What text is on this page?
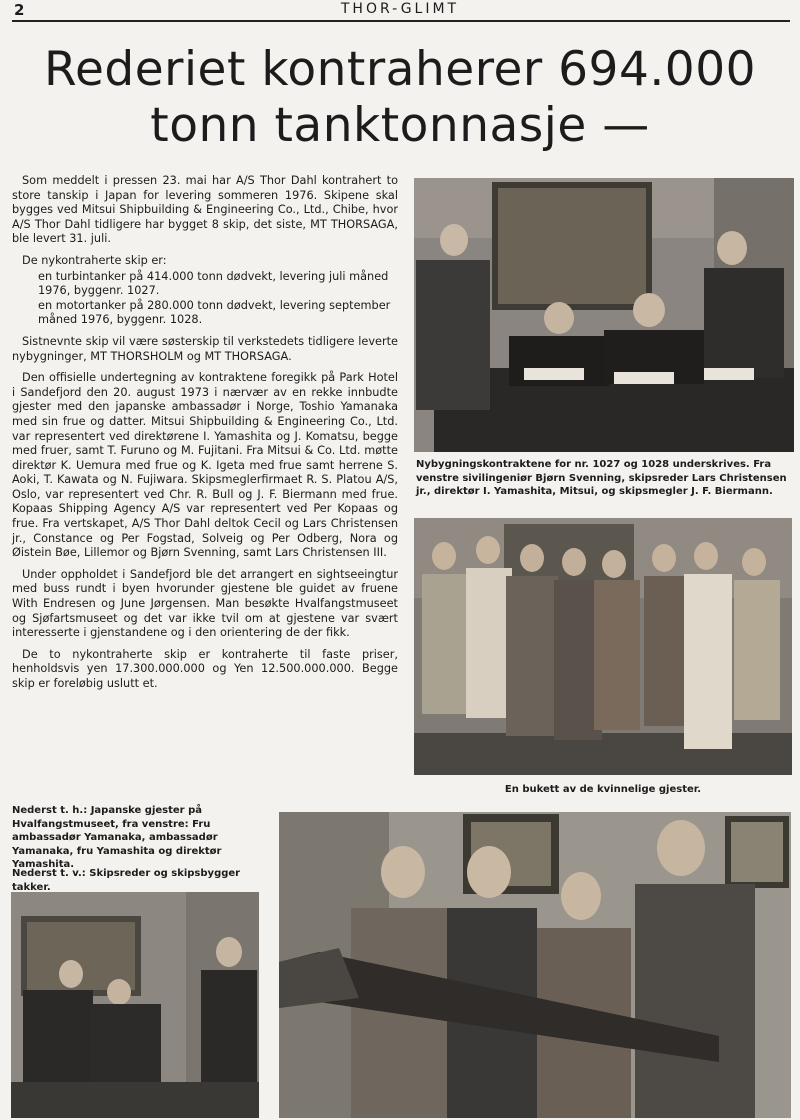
2	THOR-GLIMT
Rederiet kontraherer 694.000
tonn tanktonnasje —

Som meddelt i pressen 23. mai har A/S Thor Dahl kontrahert to store tanskip i Japan for levering sommeren 1976. Skipene skal bygges ved Mitsui Shipbuilding & Engineering Co., Ltd., Chibe, hvor A/S Thor Dahl tidligere har bygget 8 skip, det siste, MT THORSAGA, ble levert 31. juli.

De nykontraherte skip er:

en turbintanker på 414.000 tonn dødvekt, levering juli måned 1976, byggenr. 1027.
en motortanker på 280.000 tonn dødvekt, levering september måned 1976, byggenr. 1028.

Sistnevnte skip vil være søsterskip til verkstedets tidligere leverte nybygninger, MT THORSHOLM og MT THORSAGA.

Den offisielle undertegning av kontraktene foregikk på Park Hotel i Sandefjord den 20. august 1973 i nærvær av en rekke innbudte gjester med den japanske ambassadør i Norge, Toshio Yamanaka med sin frue og datter. Mitsui Shipbuilding & Engineering Co., Ltd. var representert ved direktørene I. Yamashita og J. Komatsu, begge med fruer, samt T. Furuno og M. Fujitani. Fra Mitsui & Co. Ltd. møtte direktør K. Uemura med frue og K. Igeta med frue samt herrene S. Aoki, T. Kawata og N. Fujiwara. Skipsmeglerfirmaet R. S. Platou A/S, Oslo, var representert ved Chr. R. Bull og J. F. Biermann med frue. Kopaas Shipping Agency A/S var representert ved Per Kopaas og frue. Fra vertskapet, A/S Thor Dahl deltok Cecil og Lars Christensen jr., Constance og Per Fogstad, Solveig og Per Odberg, Nora og Øistein Bøe, Lillemor og Bjørn Svenning, samt Lars Christensen III.

Under oppholdet i Sandefjord ble det arrangert en sightseeingtur med buss rundt i byen hvorunder gjestene ble guidet av fruene With Endresen og June Jørgensen. Man besøkte Hvalfangstmuseet og Sjøfartsmuseet og det var ikke tvil om at gjestene var svært interesserte i gjenstandene og i den orientering de der fikk.

De to nykontraherte skip er kontraherte til faste priser, henholdsvis yen 17.300.000.000 og Yen 12.500.000.000. Begge skip er foreløbig uslutt et.

Nybygningskontraktene for nr. 1027 og 1028 underskrives. Fra venstre sivilingeniør Bjørn Svenning, skipsreder Lars Christensen jr., direktør I. Yamashita, Mitsui, og skipsmegler J. F. Biermann.
En bukett av de kvinnelige gjester.
Nederst t. h.: Japanske gjester på Hvalfangstmuseet, fra venstre: Fru ambassadør Yamanaka, ambassadør Yamanaka, fru Yamashita og direktør Yamashita.
Nederst t. v.: Skipsreder og skipsbygger takker.
